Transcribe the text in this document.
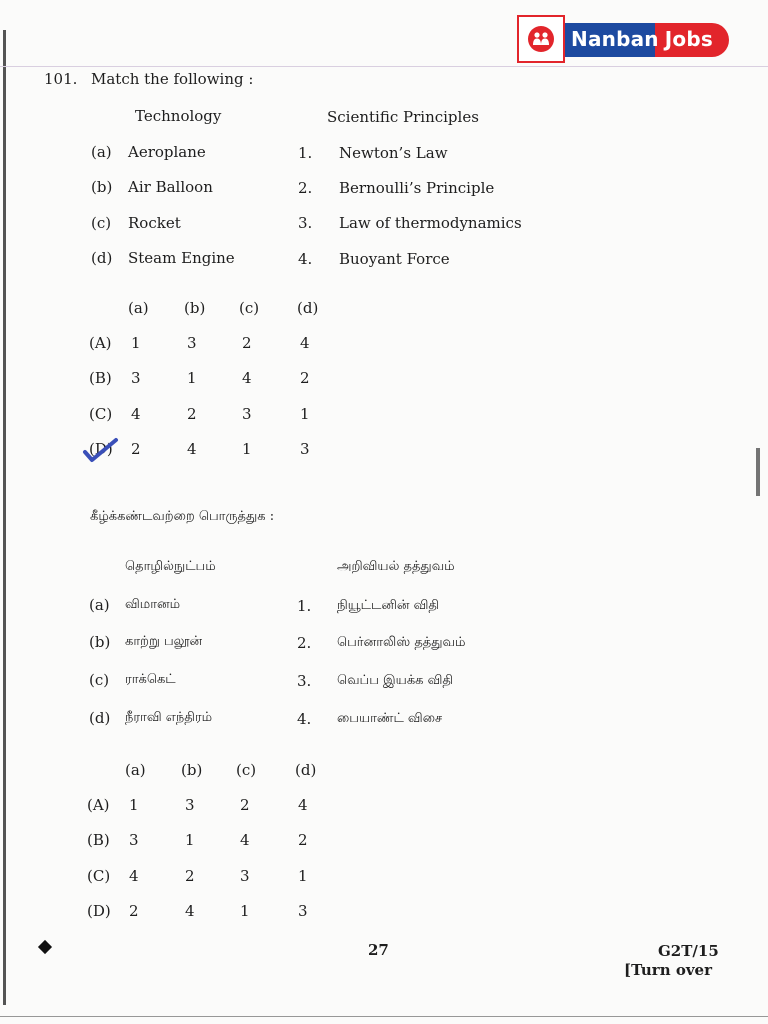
Nanban Jobs
101. Match the following :
Technology	Scientific Principles
(a) Aeroplane	1. Newton’s Law
(b) Air Balloon	2. Bernoulli’s Principle
(c) Rocket	3. Law of thermodynamics
(d) Steam Engine	4. Buoyant Force
(a) (b) (c)	(d)
(A) 1	3	2	4
(B) 3	1	4	2
(C) 4	2	3	1
(D) 2	4	1	3
கீழ்க்கண்டவற்றை பொருத்துக :
தொழில்நுட்பம்	அறிவியல் தத்துவம்
(a) விமானம்	1. நியூட்டனின் விதி
(b) காற்று பலூன்	2. பெர்னாலிஸ் தத்துவம்
(c) ராக்கெட்	3. வெப்ப இயக்க விதி
(d) நீராவி எந்திரம்	4. பையாண்ட் விசை
(a) (b) (c)	(d)
(A) 1	3	2	4
(B) 3	1	4	2
(C) 4	2	3	1
(D) 2	4	1	3
27	G2T/15
[Turn over
